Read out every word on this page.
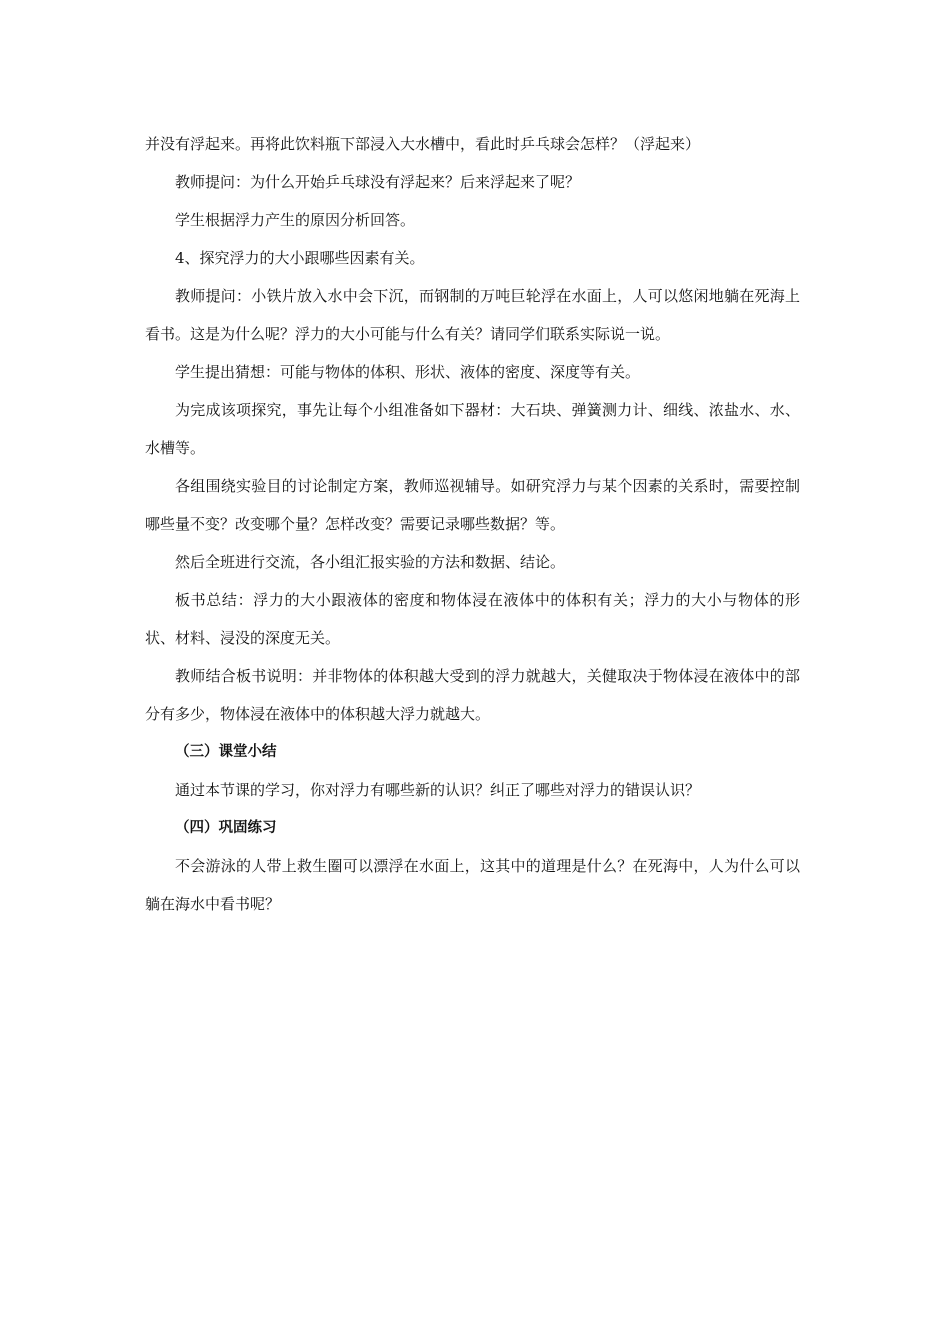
并没有浮起来。再将此饮料瓶下部浸入大水槽中，看此时乒乓球会怎样？（浮起来）

教师提问：为什么开始乒乓球没有浮起来？后来浮起来了呢？

学生根据浮力产生的原因分析回答。

4、探究浮力的大小跟哪些因素有关。

教师提问：小铁片放入水中会下沉，而钢制的万吨巨轮浮在水面上，人可以悠闲地躺在死海上看书。这是为什么呢？浮力的大小可能与什么有关？请同学们联系实际说一说。

学生提出猜想：可能与物体的体积、形状、液体的密度、深度等有关。

为完成该项探究，事先让每个小组准备如下器材：大石块、弹簧测力计、细线、浓盐水、水、水槽等。

各组围绕实验目的讨论制定方案，教师巡视辅导。如研究浮力与某个因素的关系时，需要控制哪些量不变？改变哪个量？怎样改变？需要记录哪些数据？等。

然后全班进行交流，各小组汇报实验的方法和数据、结论。

板书总结：浮力的大小跟液体的密度和物体浸在液体中的体积有关；浮力的大小与物体的形状、材料、浸没的深度无关。

教师结合板书说明：并非物体的体积越大受到的浮力就越大，关健取决于物体浸在液体中的部分有多少，物体浸在液体中的体积越大浮力就越大。

（三）课堂小结

通过本节课的学习，你对浮力有哪些新的认识？纠正了哪些对浮力的错误认识？

（四）巩固练习

不会游泳的人带上救生圈可以漂浮在水面上，这其中的道理是什么？在死海中，人为什么可以躺在海水中看书呢？
